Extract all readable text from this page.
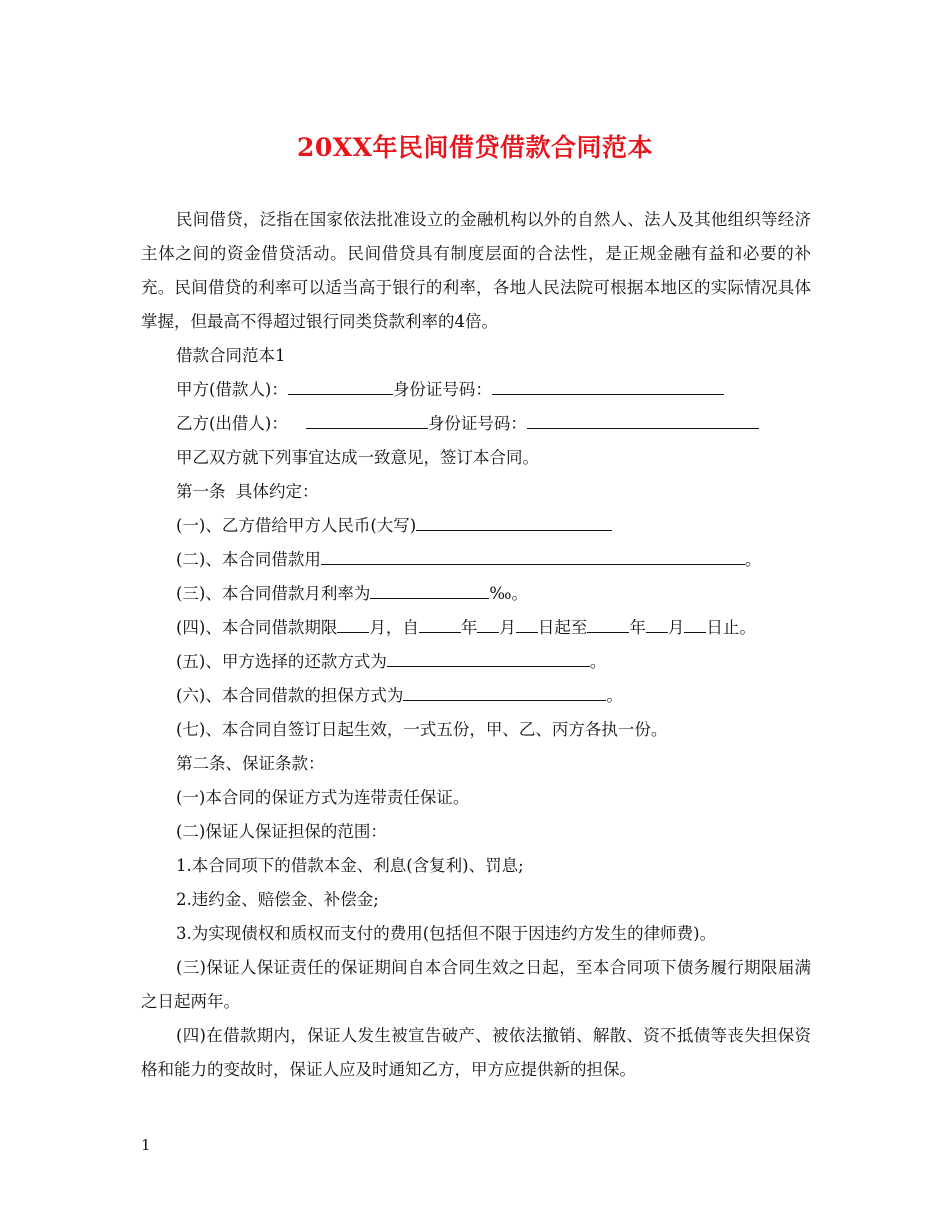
20XX年民间借贷借款合同范本

民间借贷，泛指在国家依法批准设立的金融机构以外的自然人、法人及其他组织等经济主体之间的资金借贷活动。民间借贷具有制度层面的合法性，是正规金融有益和必要的补充。民间借贷的利率可以适当高于银行的利率，各地人民法院可根据本地区的实际情况具体掌握，但最高不得超过银行同类贷款利率的4倍。

借款合同范本1

甲方(借款人)：	身份证号码：

乙方(出借人)：	身份证号码：

甲乙双方就下列事宜达成一致意见，签订本合同。

第一条  具体约定：

(一)、乙方借给甲方人民币(大写)

(二)、本合同借款用	。

(三)、本合同借款月利率为	‰。

(四)、本合同借款期限 月，自	年 月 日起至	年 月 日止。

(五)、甲方选择的还款方式为	。

(六)、本合同借款的担保方式为	。

(七)、本合同自签订日起生效，一式五份，甲、乙、丙方各执一份。

第二条、保证条款：

(一)本合同的保证方式为连带责任保证。

(二)保证人保证担保的范围：

1.本合同项下的借款本金、利息(含复利)、罚息;

2.违约金、赔偿金、补偿金;

3.为实现债权和质权而支付的费用(包括但不限于因违约方发生的律师费)。

(三)保证人保证责任的保证期间自本合同生效之日起，至本合同项下债务履行期限届满之日起两年。

(四)在借款期内，保证人发生被宣告破产、被依法撤销、解散、资不抵债等丧失担保资格和能力的变故时，保证人应及时通知乙方，甲方应提供新的担保。

1
